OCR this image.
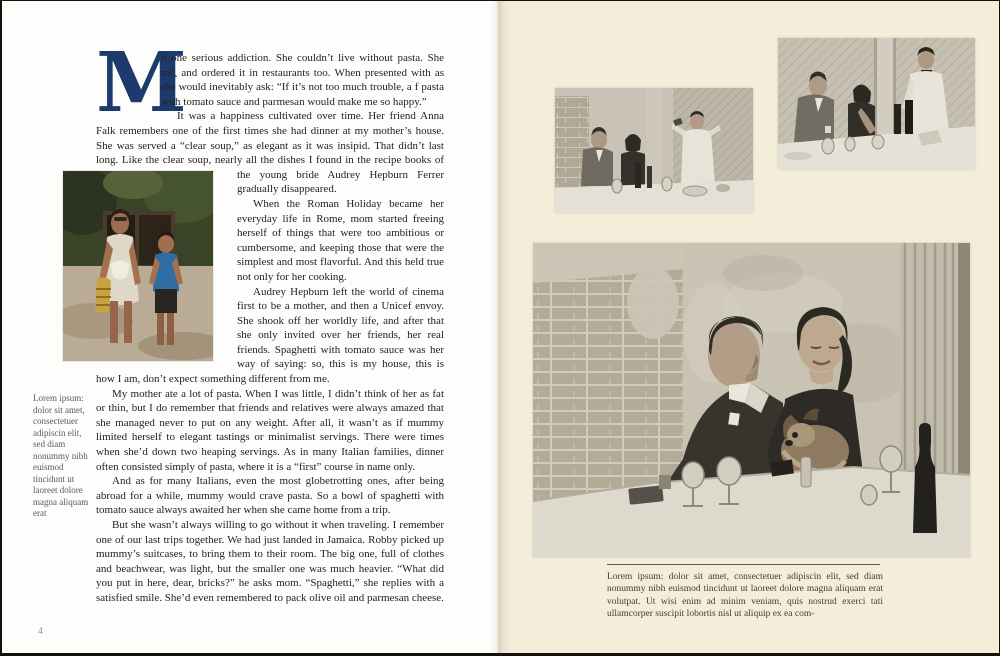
M
d one serious addiction. She couldn’t live without pasta. She me, and ordered it in restaurants too. When presented with as she would inevitably ask: “If it’s not too much trouble, a f pasta with tomato sauce and parmesan would make me so happy.”

It was a happiness cultivated over time. Her friend Anna Falk remembers one of the first times she had dinner at my mother’s house. She was served a “clear soup,” as elegant as it was insipid. That didn’t last long. Like the clear soup, nearly all the dishes I found in the recipe books of the young bride Audrey Hepburn Ferrer gradually disappeared.

When the Roman Holiday became her everyday life in Rome, mom started freeing herself of things that were too ambitious or cumbersome, and keeping those that were the simplest and most flavorful. And this held true not only for her cooking.

Audrey Hepburn left the world of cinema first to be a mother, and then a Unicef envoy. She shook off her worldly life, and after that she only invited over her friends, her real friends. Spaghetti with tomato sauce was her way of saying: so, this is my house, this is how I am, don’t expect something different from me.

My mother ate a lot of pasta. When I was little, I didn’t think of her as fat or thin, but I do remember that friends and relatives were always amazed that she managed never to put on any weight. After all, it wasn’t as if mummy limited herself to elegant tastings or minimalist servings. There were times when she’d down two heaping servings. As in many Italian families, dinner often consisted simply of pasta, where it is a “first” course in name only.

And as for many Italians, even the most globetrotting ones, after being abroad for a while, mummy would crave pasta. So a bowl of spaghetti with tomato sauce always awaited her when she came home from a trip.

But she wasn’t always willing to go without it when traveling. I remember one of our last trips together. We had just landed in Jamaica. Robby picked up mummy’s suitcases, to bring them to their room. The big one, full of clothes and beachwear, was light, but the smaller one was much heavier. “What did you put in here, dear, bricks?” he asks mom. “Spaghetti,” she replies with a satisfied smile. She’d even remembered to pack olive oil and parmesan cheese.

Lorem ipsum: dolor sit amet, consectetuer adipiscin elit, sed diam nonummy nibh euismod tincidunt ut laoreet dolore magna aliquam erat
4
Lorem ipsum: dolor sit amet, consectetuer adipiscin elit, sed diam nonummy nibh euismod tincidunt ut laoreet dolore magna aliquam erat volutpat. Ut wisi enim ad minim veniam, quis nostrud exerci tati ullamcorper suscipit lobortis nisl ut aliquip ex ea com-
